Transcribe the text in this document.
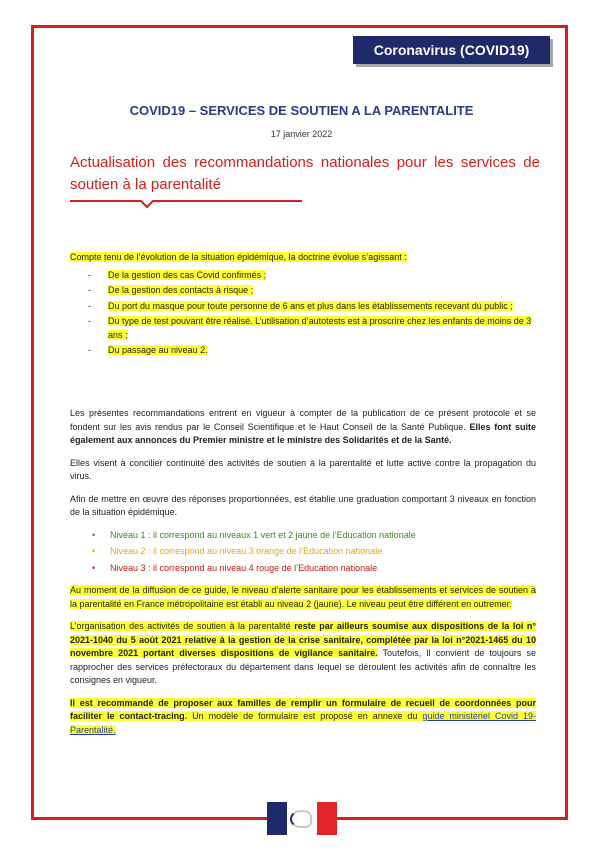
Coronavirus (COVID19)
COVID19 – SERVICES DE SOUTIEN A LA PARENTALITE
17 janvier 2022
Actualisation des recommandations nationales pour les services de soutien à la parentalité

Compte tenu de l’évolution de la situation épidémique, la doctrine évolue s’agissant :

- De la gestion des cas Covid confirmés ;
- De la gestion des contacts à risque ;
- Du port du masque pour toute personne de 6 ans et plus dans les établissements recevant du public ;
- Du type de test pouvant être réalisé. L’utilisation d’autotests est à proscrire chez les enfants de moins de 3 ans ;
- Du passage au niveau 2.

Les présentes recommandations entrent en vigueur à compter de la publication de ce présent protocole et se fondent sur les avis rendus par le Conseil Scientifique et le Haut Conseil de la Santé Publique. Elles font suite également aux annonces du Premier ministre et le ministre des Solidarités et de la Santé.

Elles visent à concilier continuité des activités de soutien à la parentalité et lutte active contre la propagation du virus.

Afin de mettre en œuvre des réponses proportionnées, est établie une graduation comportant 3 niveaux en fonction de la situation épidémique.

• Niveau 1 : il correspond au niveaux 1 vert et 2 jaune de l’Education nationale
• Niveau 2 : il correspond au niveau 3 orange de l’Education nationale
• Niveau 3 : il correspond au niveau 4 rouge de l’Education nationale

Au moment de la diffusion de ce guide, le niveau d’alerte sanitaire pour les établissements et services de soutien à la parentalité en France métropolitaine est établi au niveau 2 (jaune). Le niveau peut être différent en outremer.

L’organisation des activités de soutien à la parentalité reste par ailleurs soumise aux dispositions de la loi n° 2021-1040 du 5 août 2021 relative à la gestion de la crise sanitaire, complétée par la loi n°2021-1465 du 10 novembre 2021 portant diverses dispositions de vigilance sanitaire. Toutefois, Il convient de toujours se rapprocher des services préfectoraux du département dans lequel se déroulent les activités afin de connaître les consignes en vigueur.

Il est recommandé de proposer aux familles de remplir un formulaire de recueil de coordonnées pour faciliter le contact-tracing. Un modèle de formulaire est proposé en annexe du guide ministériel Covid 19- Parentalité.
